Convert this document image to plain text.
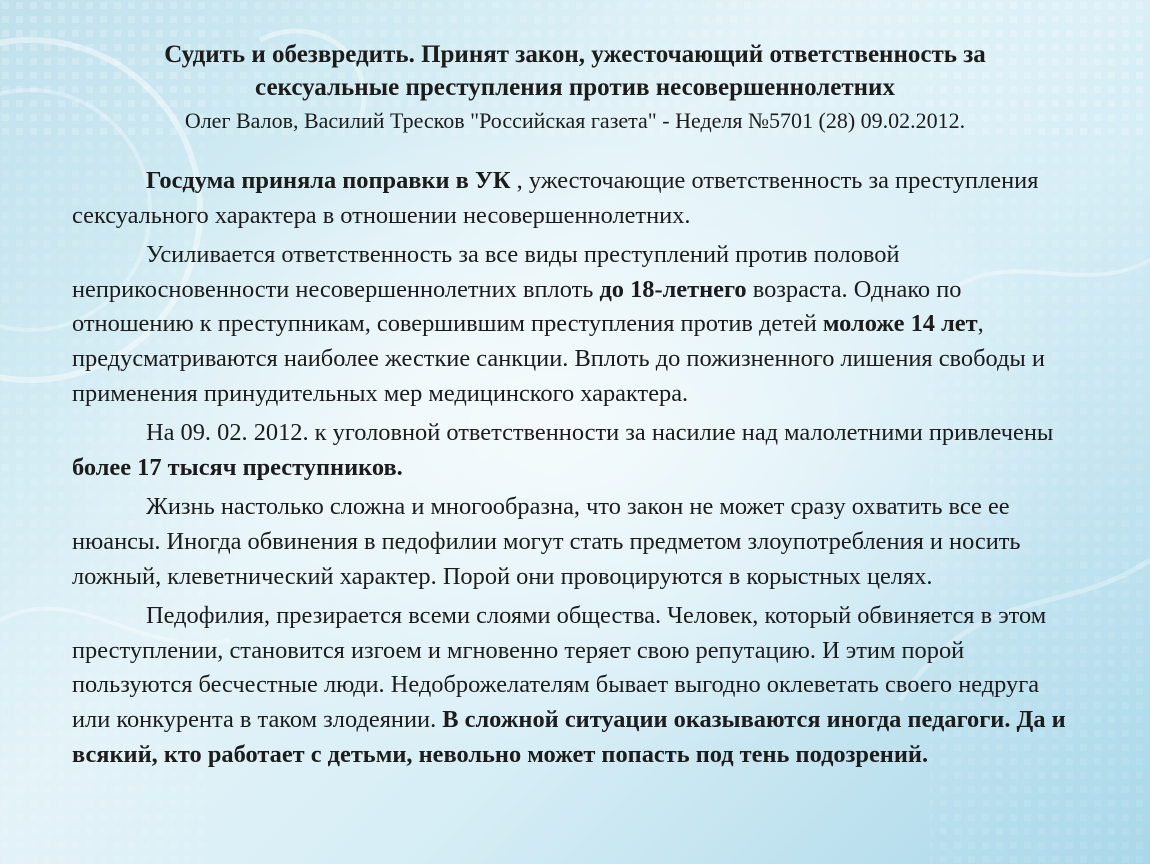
Судить и обезвредить. Принят закон, ужесточающий ответственность за
сексуальные преступления против несовершеннолетних

Олег Валов, Василий Тресков "Российская газета" - Неделя №5701 (28) 09.02.2012.

Госдума приняла поправки в УК , ужесточающие ответственность за преступления сексуального характера в отношении несовершеннолетних.

Усиливается ответственность за все виды преступлений против половой неприкосновенности несовершеннолетних вплоть до 18-летнего возраста. Однако по отношению к преступникам, совершившим преступления против детей моложе 14 лет, предусматриваются наиболее жесткие санкции. Вплоть до пожизненного лишения свободы и применения принудительных мер медицинского характера.

На 09. 02. 2012. к уголовной ответственности за насилие над малолетними привлечены более 17 тысяч преступников.

Жизнь настолько сложна и многообразна, что закон не может сразу охватить все ее нюансы. Иногда обвинения в педофилии могут стать предметом злоупотребления и носить ложный, клеветнический характер. Порой они провоцируются в корыстных целях.

Педофилия, презирается всеми слоями общества. Человек, который обвиняется в этом преступлении, становится изгоем и мгновенно теряет свою репутацию. И этим порой пользуются бесчестные люди. Недоброжелателям бывает выгодно оклеветать своего недруга или конкурента в таком злодеянии. В сложной ситуации оказываются иногда педагоги. Да и всякий, кто работает с детьми, невольно может попасть под тень подозрений.
